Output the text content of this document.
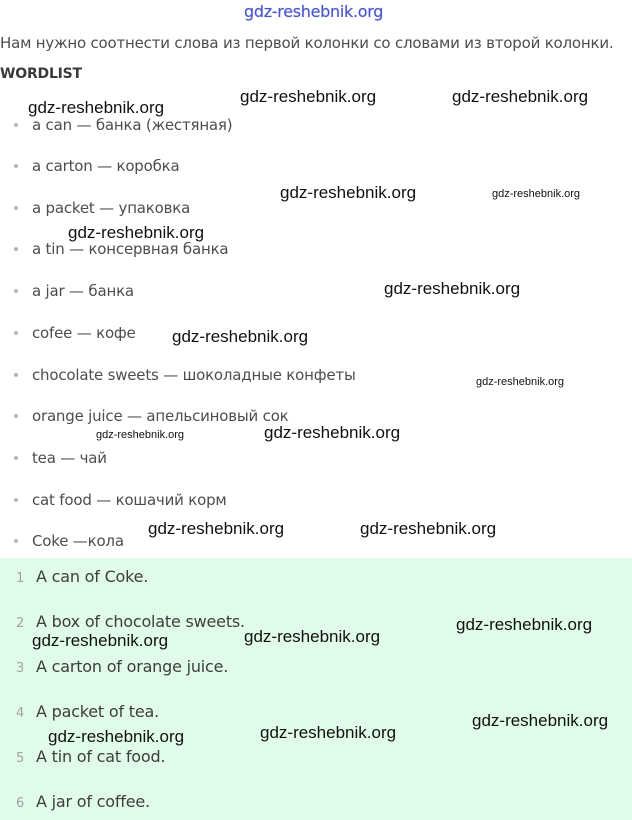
gdz-reshebnik.org
Нам нужно соотнести слова из первой колонки со словами из второй колонки.
WORDLIST
a can — банка (жестяная)
a carton — коробка
a packet — упаковка
a tin — консервная банка
a jar — банка
cofee — кофе
chocolate sweets — шоколадные конфеты
orange juice — апельсиновый сок
tea — чай
cat food — кошачий корм
Coke —кола
1 A can of Coke.
2 A box of chocolate sweets.
3 A carton of orange juice.
4 A packet of tea.
5 A tin of cat food.
6 A jar of coffee.
gdz-reshebnik.org
gdz-reshebnik.org	gdz-reshebnik.org
gdz-reshebnik.org	gdz-reshebnik.org
gdz-reshebnik.org
gdz-reshebnik.org
gdz-reshebnik.org
gdz-reshebnik.org
gdz-reshebnik.org	gdz-reshebnik.org
gdz-reshebnik.org	gdz-reshebnik.org
gdz-reshebnik.org
gdz-reshebnik.org	gdz-reshebnik.org
gdz-reshebnik.org
gdz-reshebnik.org	gdz-reshebnik.org
